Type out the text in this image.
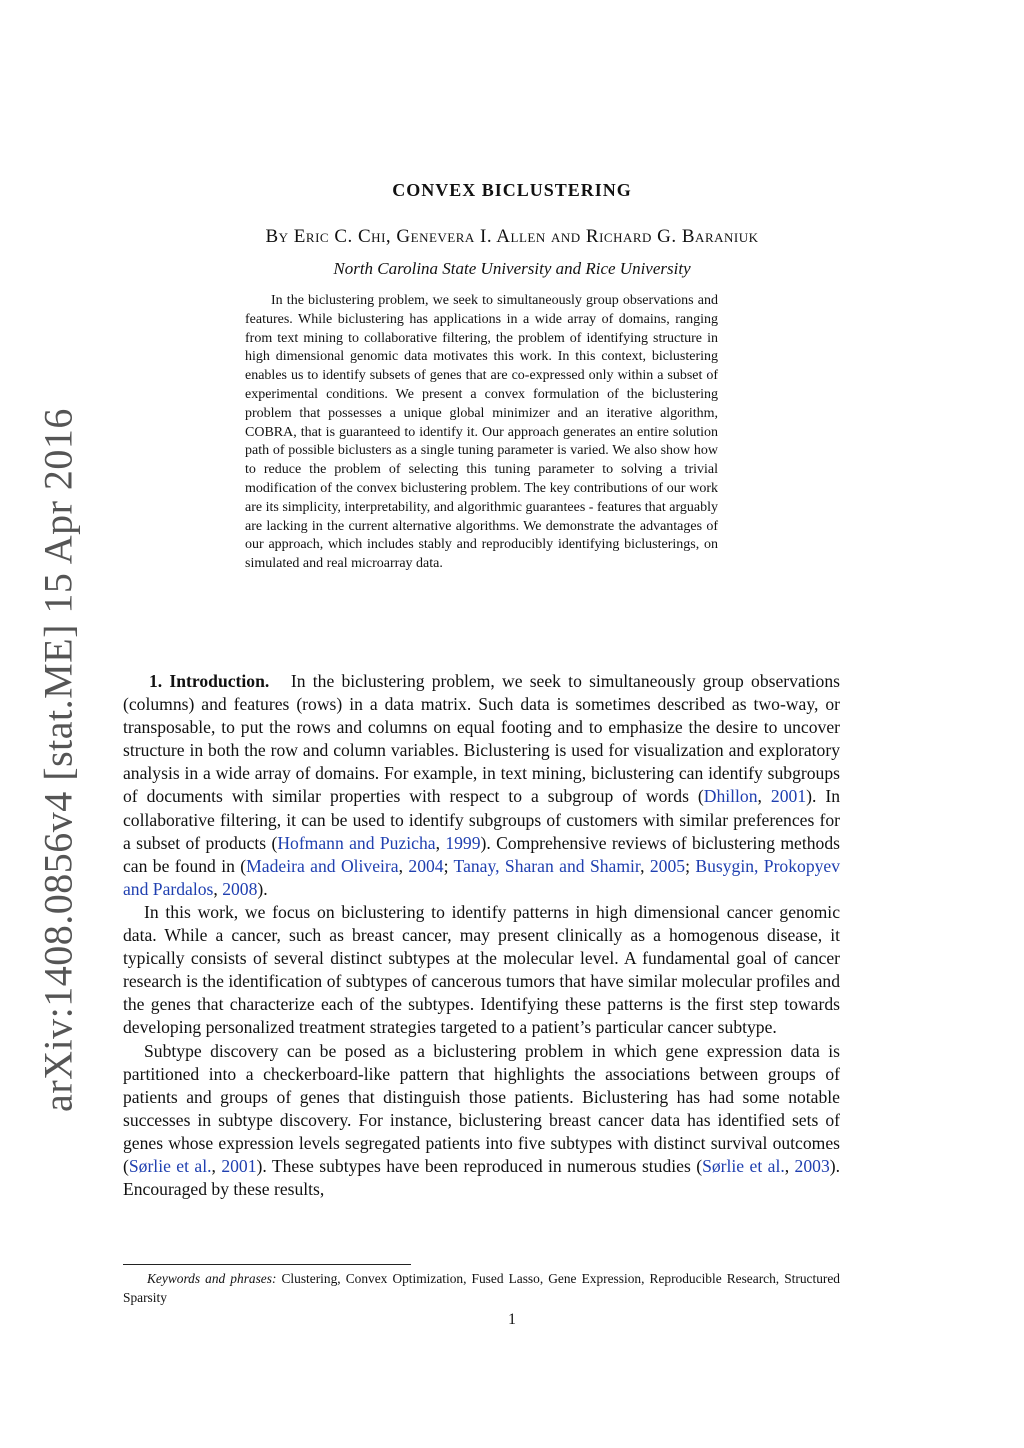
arXiv:1408.0856v4 [stat.ME] 15 Apr 2016
CONVEX BICLUSTERING
By Eric C. Chi, Genevera I. Allen and Richard G. Baraniuk
North Carolina State University and Rice University

In the biclustering problem, we seek to simultaneously group observations and features. While biclustering has applications in a wide array of domains, ranging from text mining to collaborative filtering, the problem of identifying structure in high dimensional genomic data motivates this work. In this context, biclustering enables us to identify subsets of genes that are co-expressed only within a subset of experimental conditions. We present a convex formulation of the biclustering problem that possesses a unique global minimizer and an iterative algorithm, COBRA, that is guaranteed to identify it. Our approach generates an entire solution path of possible biclusters as a single tuning parameter is varied. We also show how to reduce the problem of selecting this tuning parameter to solving a trivial modification of the convex biclustering problem. The key contributions of our work are its simplicity, interpretability, and algorithmic guarantees - features that arguably are lacking in the current alternative algorithms. We demonstrate the advantages of our approach, which includes stably and reproducibly identifying biclusterings, on simulated and real microarray data.

1. Introduction. In the biclustering problem, we seek to simultaneously group observations (columns) and features (rows) in a data matrix. Such data is sometimes described as two-way, or transposable, to put the rows and columns on equal footing and to emphasize the desire to uncover structure in both the row and column variables. Biclustering is used for visualization and exploratory analysis in a wide array of domains. For example, in text mining, biclustering can identify subgroups of documents with similar properties with respect to a subgroup of words (Dhillon, 2001). In collaborative filtering, it can be used to identify subgroups of customers with similar preferences for a subset of products (Hofmann and Puzicha, 1999). Comprehensive reviews of biclustering methods can be found in (Madeira and Oliveira, 2004; Tanay, Sharan and Shamir, 2005; Busygin, Prokopyev and Pardalos, 2008).

In this work, we focus on biclustering to identify patterns in high dimensional cancer genomic data. While a cancer, such as breast cancer, may present clinically as a homogenous disease, it typically consists of several distinct subtypes at the molecular level. A fundamental goal of cancer research is the identification of subtypes of cancerous tumors that have similar molecular profiles and the genes that characterize each of the subtypes. Identifying these patterns is the first step towards developing personalized treatment strategies targeted to a patient’s particular cancer subtype.

Subtype discovery can be posed as a biclustering problem in which gene expression data is partitioned into a checkerboard-like pattern that highlights the associations between groups of patients and groups of genes that distinguish those patients. Biclustering has had some notable successes in subtype discovery. For instance, biclustering breast cancer data has identified sets of genes whose expression levels segregated patients into five subtypes with distinct survival outcomes (Sørlie et al., 2001). These subtypes have been reproduced in numerous studies (Sørlie et al., 2003). Encouraged by these results,

Keywords and phrases: Clustering, Convex Optimization, Fused Lasso, Gene Expression, Reproducible Research, Structured Sparsity

1
